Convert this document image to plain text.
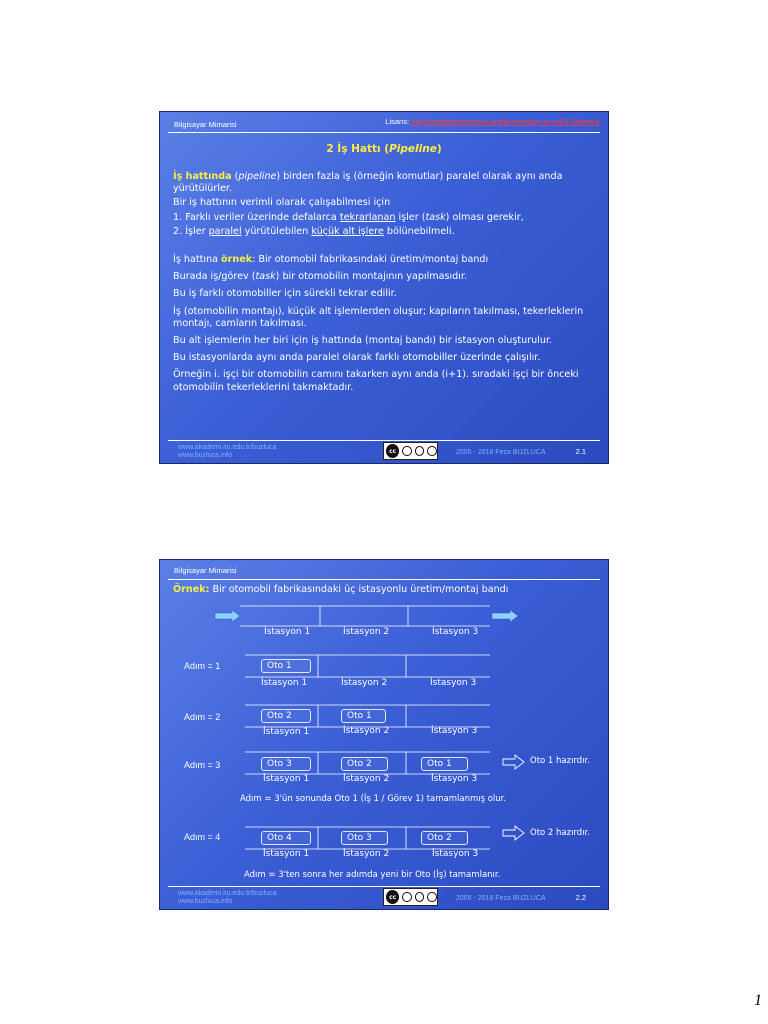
Bilgisayar Mimarisi	Lisans: http://creativecommons.org/licenses/by-nc-nd/3.0/deed.tr
2 İş Hattı (Pipeline)

İş hattında (pipeline) birden fazla iş (örneğin komutlar) paralel olarak aynı anda yürütülürler.

Bir iş hattının verimli olarak çalışabilmesi için

1. Farklı veriler üzerinde defalarca tekrarlanan işler (task) olması gerekir,

2. İşler paralel yürütülebilen küçük alt işlere bölünebilmeli.

İş hattına örnek: Bir otomobil fabrikasındaki üretim/montaj bandı

Burada iş/görev (task) bir otomobilin montajının yapılmasıdır.

Bu iş farklı otomobiller için sürekli tekrar edilir.

İş (otomobilin montajı), küçük alt işlemlerden oluşur; kapıların takılması, tekerleklerin montajı, camların takılması.

Bu alt işlemlerin her biri için iş hattında (montaj bandı) bir istasyon oluşturulur.

Bu istasyonlarda aynı anda paralel olarak farklı otomobiller üzerinde çalışılır.

Örneğin i. işçi bir otomobilin camını takarken aynı anda (i+1). sıradaki işçi bir önceki otomobilin tekerleklerini takmaktadır.

www.akademi.itu.edu.tr/buzluca
www.buzluca.info
cc	2005 - 2018 Feza BUZLUCA	2.1
Bilgisayar Mimarisi
Örnek: Bir otomobil fabrikasındaki üç istasyonlu üretim/montaj bandı
İstasyon 1	İstasyon 2	İstasyon 3
Adım = 1	Oto 1
İstasyon 1	İstasyon 2	İstasyon 3
Adım = 2	Oto 2	Oto 1
İstasyon 1	İstasyon 2	İstasyon 3
Adım = 3	Oto 3	Oto 2	Oto 1	Oto 1 hazırdır.
İstasyon 1	İstasyon 2	İstasyon 3
Adım = 3'ün sonunda Oto 1 (İş 1 / Görev 1) tamamlanmış olur.
Adım = 4	Oto 4	Oto 3	Oto 2	Oto 2 hazırdır.
İstasyon 1	İstasyon 2	İstasyon 3
Adım = 3'ten sonra her adımda yeni bir Oto (İş) tamamlanır.
www.akademi.itu.edu.tr/buzluca
www.buzluca.info
cc	2005 - 2018 Feza BUZLUCA	2.2
1
